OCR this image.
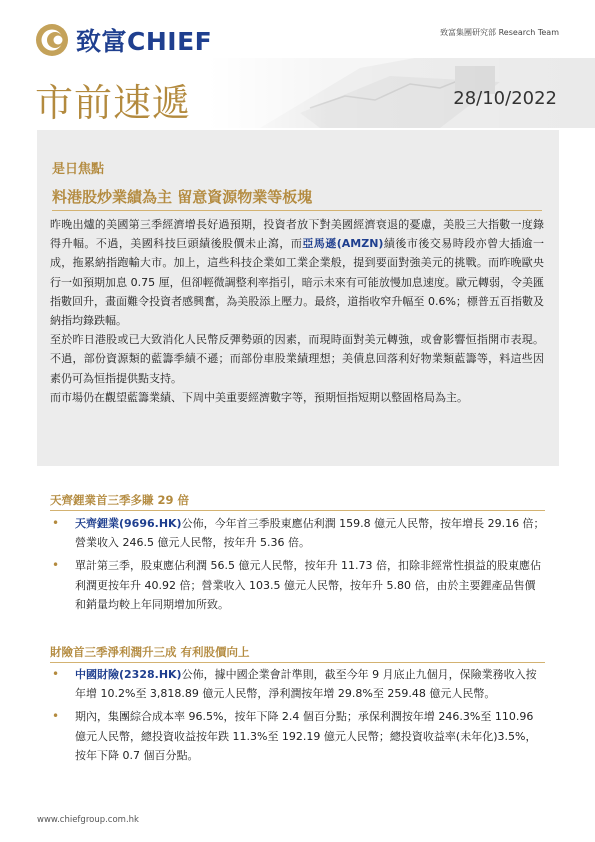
致富CHIEF	致富集團研究部 Research Team
市前速遞	28/10/2022
是日焦點
料港股炒業績為主 留意資源物業等板塊

昨晚出爐的美國第三季經濟增長好過預期，投資者放下對美國經濟衰退的憂慮，美股三大指數一度錄得升幅。不過，美國科技巨頭績後股價未止瀉，而亞馬遜(AMZN)績後市後交易時段亦曾大插逾一成，拖累納指跑輸大市。加上，這些科技企業如工業企業般，提到要面對強美元的挑戰。而昨晚歐央行一如預期加息 0.75 厘，但卻輕微調整利率指引，暗示未來有可能放慢加息速度。歐元轉弱，令美匯指數回升，畫面難令投資者感興奮，為美股添上壓力。最終，道指收窄升幅至 0.6%；標普五百指數及納指均錄跌幅。

至於昨日港股或已大致消化人民幣反彈勢頭的因素，而現時面對美元轉強，或會影響恒指開市表現。不過，部份資源類的藍籌季績不遜；而部份車股業績理想；美債息回落利好物業類藍籌等，料這些因素仍可為恒指提供點支持。

而市場仍在觀望藍籌業績、下周中美重要經濟數字等，預期恒指短期以整固格局為主。

天齊鋰業首三季多賺 29 倍
• 天齊鋰業(9696.HK)公佈，今年首三季股東應佔利潤 159.8 億元人民幣，按年增長 29.16 倍；營業收入 246.5 億元人民幣，按年升 5.36 倍。
• 單計第三季，股東應佔利潤 56.5 億元人民幣，按年升 11.73 倍，扣除非經常性損益的股東應佔利潤更按年升 40.92 倍；營業收入 103.5 億元人民幣，按年升 5.80 倍，由於主要鋰產品售價和銷量均較上年同期增加所致。
財險首三季淨利潤升三成 有利股價向上
• 中國財險(2328.HK)公佈，據中國企業會計準則，截至今年 9 月底止九個月，保險業務收入按年增 10.2%至 3,818.89 億元人民幣，淨利潤按年增 29.8%至 259.48 億元人民幣。
• 期內，集團綜合成本率 96.5%，按年下降 2.4 個百分點；承保利潤按年增 246.3%至 110.96 億元人民幣，總投資收益按年跌 11.3%至 192.19 億元人民幣；總投資收益率(未年化)3.5%，按年下降 0.7 個百分點。
www.chiefgroup.com.hk
